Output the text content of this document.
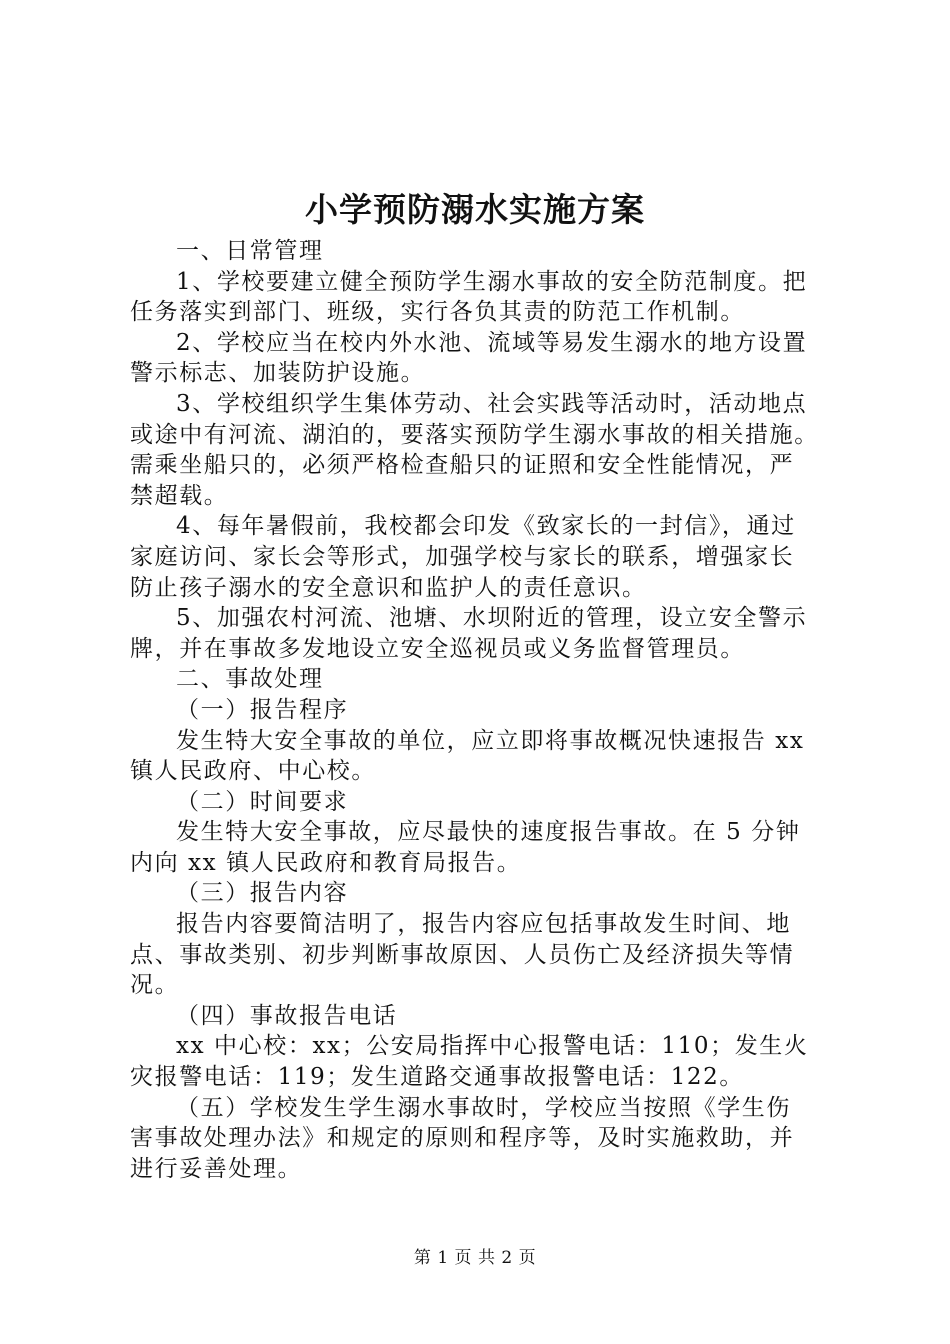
小学预防溺水实施方案
一、日常管理
1、学校要建立健全预防学生溺水事故的安全防范制度。把
任务落实到部门、班级，实行各负其责的防范工作机制。
2、学校应当在校内外水池、流域等易发生溺水的地方设置
警示标志、加装防护设施。
3、学校组织学生集体劳动、社会实践等活动时，活动地点
或途中有河流、湖泊的，要落实预防学生溺水事故的相关措施。
需乘坐船只的，必须严格检查船只的证照和安全性能情况，严
禁超载。
4、每年暑假前，我校都会印发《致家长的一封信》，通过
家庭访问、家长会等形式，加强学校与家长的联系，增强家长
防止孩子溺水的安全意识和监护人的责任意识。
5、加强农村河流、池塘、水坝附近的管理，设立安全警示
牌，并在事故多发地设立安全巡视员或义务监督管理员。
二、事故处理
（一）报告程序
发生特大安全事故的单位，应立即将事故概况快速报告 xx
镇人民政府、中心校。
（二）时间要求
发生特大安全事故，应尽最快的速度报告事故。在 5 分钟
内向 xx 镇人民政府和教育局报告。
（三）报告内容
报告内容要简洁明了，报告内容应包括事故发生时间、地
点、事故类别、初步判断事故原因、人员伤亡及经济损失等情
况。
（四）事故报告电话
xx 中心校：xx；公安局指挥中心报警电话：110；发生火
灾报警电话：119；发生道路交通事故报警电话：122。
（五）学校发生学生溺水事故时，学校应当按照《学生伤
害事故处理办法》和规定的原则和程序等，及时实施救助，并
进行妥善处理。
第 1 页 共 2 页
